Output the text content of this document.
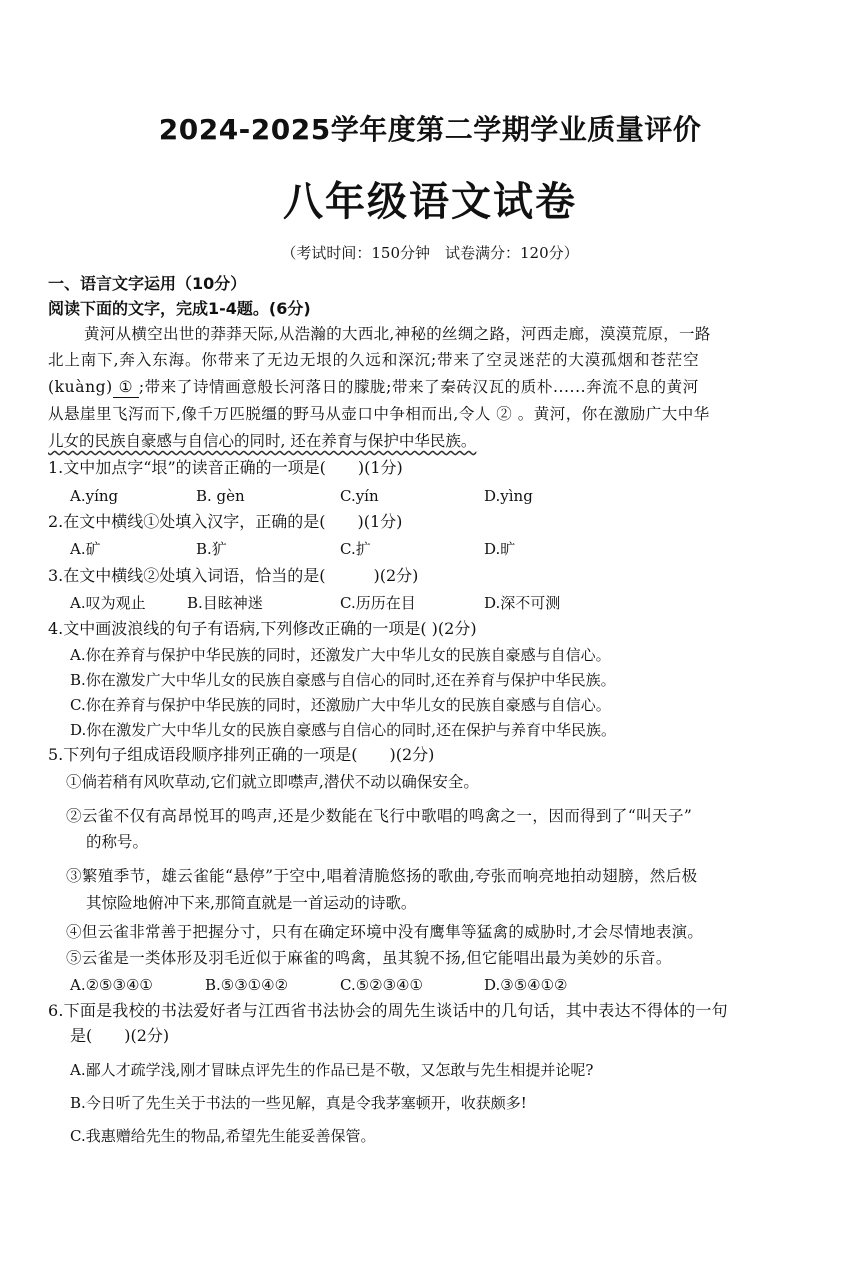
2024-2025学年度第二学期学业质量评价
八年级语文试卷
（考试时间：150分钟　试卷满分：120分）
一、语言文字运用（10分）
阅读下面的文字，完成1-4题。(6分)
黄河从横空出世的莽莽天际,从浩瀚的大西北,神秘的丝绸之路，河西走廊，漠漠荒原，一路
北上南下,奔入东海。你带来了无边无垠的久远和深沉;带来了空灵迷茫的大漠孤烟和苍茫空
(kuàng) ① ;带来了诗情画意般长河落日的朦胧;带来了秦砖汉瓦的质朴......奔流不息的黄河
从悬崖里飞泻而下,像千万匹脱缰的野马从壶口中争相而出,令人 ② 。黄河，你在激励广大中华
儿女的民族自豪感与自信心的同时, 还在养育与保护中华民族。
1.文中加点字“垠”的读音正确的一项是(　　)(1分)
A.yíng	B. gèn	C.yín	D.yìng
2.在文中横线①处填入汉字，正确的是(　　)(1分)
A.矿	B.犷	C.扩	D.旷
3.在文中横线②处填入词语，恰当的是(　　　)(2分)
A.叹为观止	B.目眩神迷	C.历历在目	D.深不可测
4.文中画波浪线的句子有语病,下列修改正确的一项是( )(2分)
A.你在养育与保护中华民族的同时，还激发广大中华儿女的民族自豪感与自信心。
B.你在激发广大中华儿女的民族自豪感与自信心的同时,还在养育与保护中华民族。
C.你在养育与保护中华民族的同时，还激励广大中华儿女的民族自豪感与自信心。
D.你在激发广大中华儿女的民族自豪感与自信心的同时,还在保护与养育中华民族。
5.下列句子组成语段顺序排列正确的一项是(　　)(2分)
①倘若稍有风吹草动,它们就立即噤声,潜伏不动以确保安全。
②云雀不仅有高昂悦耳的鸣声,还是少数能在飞行中歌唱的鸣禽之一，因而得到了“叫天子”
的称号。
③繁殖季节，雄云雀能“悬停”于空中,唱着清脆悠扬的歌曲,夸张而响亮地拍动翅膀，然后极
其惊险地俯冲下来,那简直就是一首运动的诗歌。
④但云雀非常善于把握分寸，只有在确定环境中没有鹰隼等猛禽的威胁时,才会尽情地表演。
⑤云雀是一类体形及羽毛近似于麻雀的鸣禽，虽其貌不扬,但它能唱出最为美妙的乐音。
A.②⑤③④①	B.⑤③①④②	C.⑤②③④①	D.③⑤④①②
6.下面是我校的书法爱好者与江西省书法协会的周先生谈话中的几句话，其中表达不得体的一句
是(　　)(2分)
A.鄙人才疏学浅,刚才冒昧点评先生的作品已是不敬，又怎敢与先生相提并论呢?
B.今日听了先生关于书法的一些见解，真是令我茅塞顿开，收获颇多!
C.我惠赠给先生的物品,希望先生能妥善保管。
